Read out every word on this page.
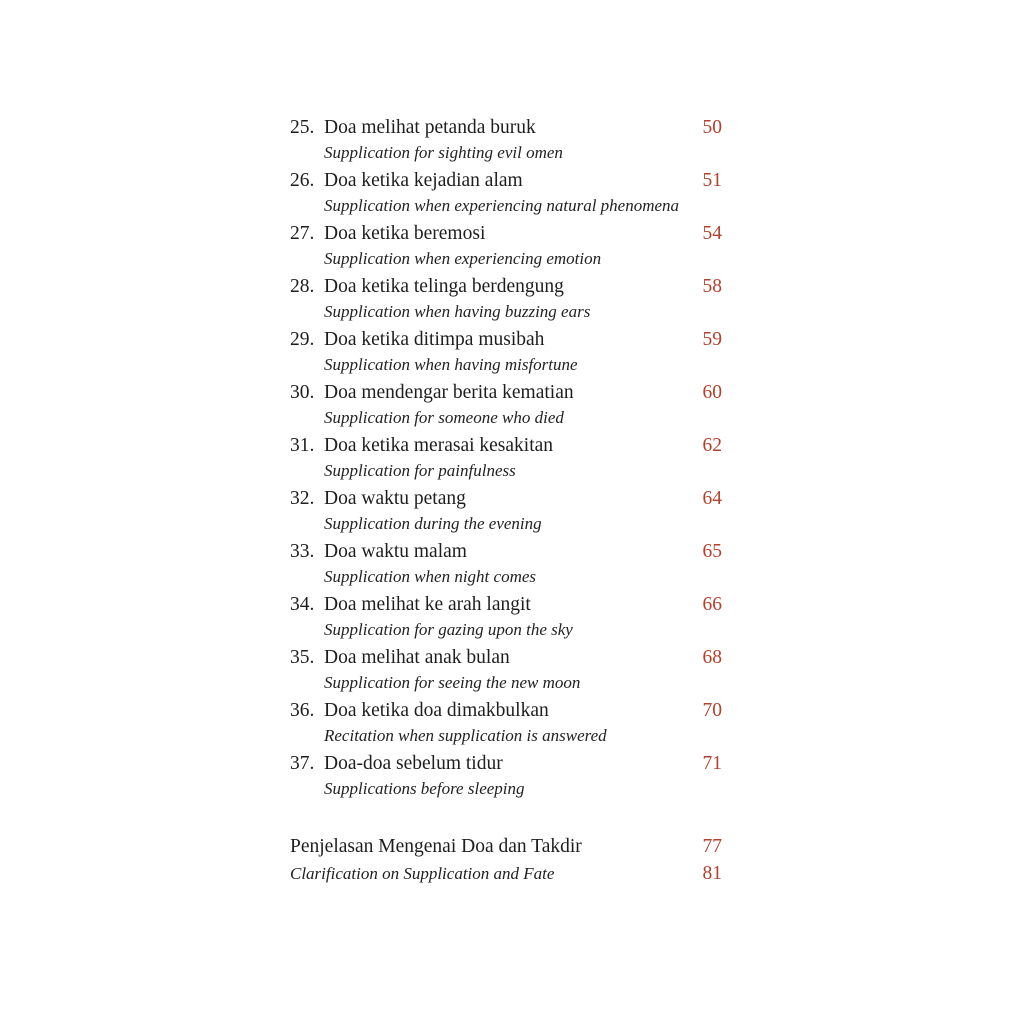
25. Doa melihat petanda buruk	50
Supplication for sighting evil omen
26. Doa ketika kejadian alam	51
Supplication when experiencing natural phenomena
27. Doa ketika beremosi	54
Supplication when experiencing emotion
28. Doa ketika telinga berdengung	58
Supplication when having buzzing ears
29. Doa ketika ditimpa musibah	59
Supplication when having misfortune
30. Doa mendengar berita kematian	60
Supplication for someone who died
31. Doa ketika merasai kesakitan	62
Supplication for painfulness
32. Doa waktu petang	64
Supplication during the evening
33. Doa waktu malam	65
Supplication when night comes
34. Doa melihat ke arah langit	66
Supplication for gazing upon the sky
35. Doa melihat anak bulan	68
Supplication for seeing the new moon
36. Doa ketika doa dimakbulkan	70
Recitation when supplication is answered
37. Doa-doa sebelum tidur	71
Supplications before sleeping
Penjelasan Mengenai Doa dan Takdir	77
Clarification on Supplication and Fate	81
